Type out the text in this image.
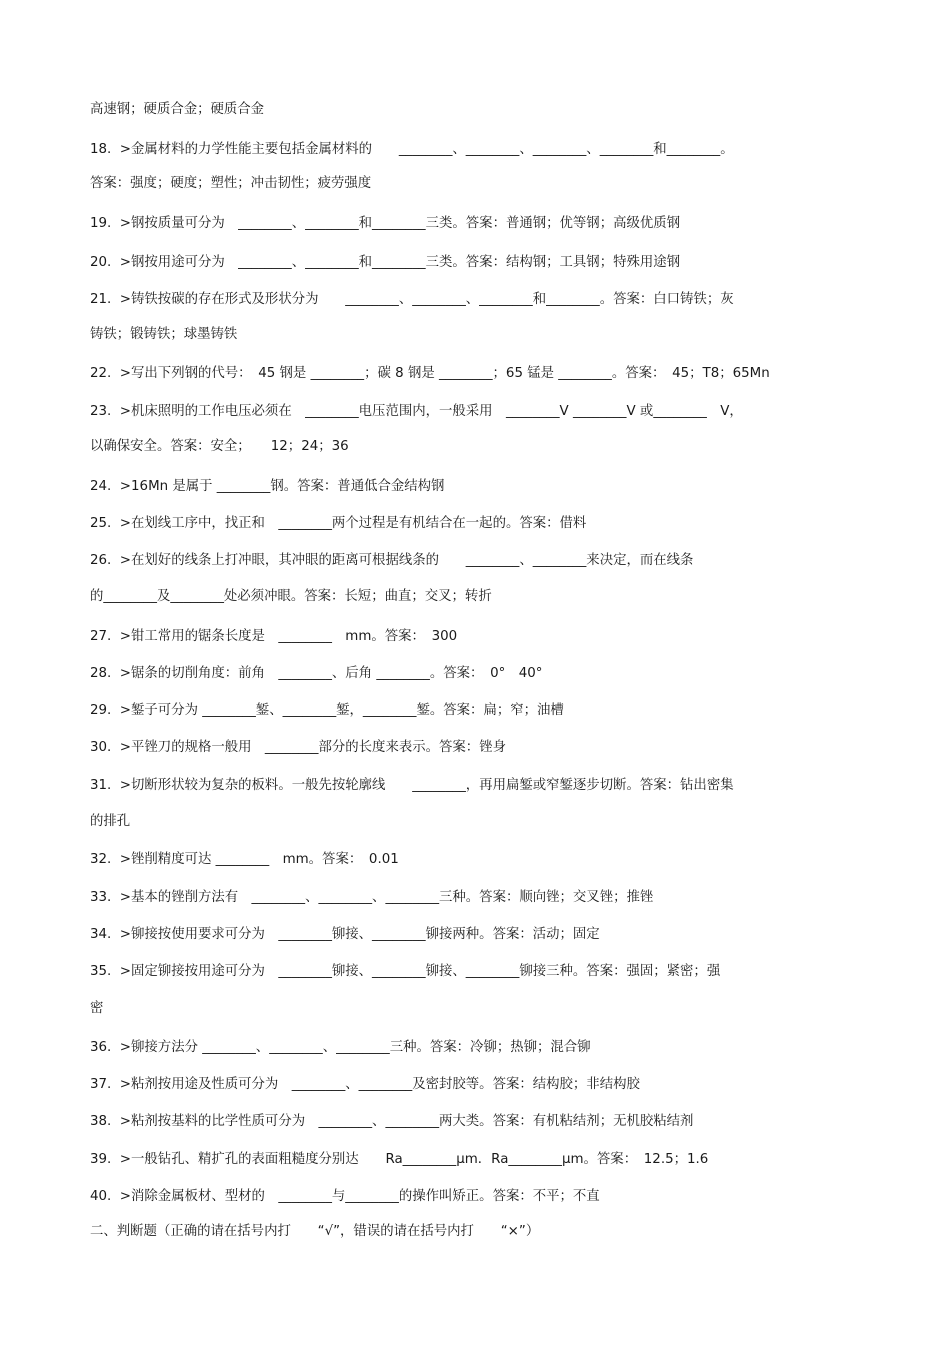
高速钢；硬质合金；硬质合金
18.  >金属材料的力学性能主要包括金属材料的　　________、________、________、________和________。
答案：强度；硬度；塑性；冲击韧性；疲劳强度
19.  >钢按质量可分为　________、________和________三类。答案：普通钢；优等钢；高级优质钢
20.  >钢按用途可分为　________、________和________三类。答案：结构钢；工具钢；特殊用途钢
21.  >铸铁按碳的存在形式及形状分为　　________、________、________和________。答案：白口铸铁；灰
铸铁；锻铸铁；球墨铸铁
22.  >写出下列钢的代号：　45 钢是 ________；碳 8 钢是 ________；65 锰是 ________。答案：　45；T8；65Mn
23.  >机床照明的工作电压必须在　________电压范围内，一般采用　________V ________V 或________　V，
以确保安全。答案：安全；　　12；24；36
24.  >16Mn 是属于 ________钢。答案：普通低合金结构钢
25.  >在划线工序中，找正和　________两个过程是有机结合在一起的。答案：借料
26.  >在划好的线条上打冲眼，其冲眼的距离可根据线条的　　________、________来决定，而在线条
的________及________处必须冲眼。答案：长短；曲直；交叉；转折
27.  >钳工常用的锯条长度是　________　mm。答案：　300
28.  >锯条的切削角度：前角　________、后角 ________。答案：　0°　40°
29.  >錾子可分为 ________錾、________錾，________錾。答案：扁；窄；油槽
30.  >平锉刀的规格一般用　________部分的长度来表示。答案：锉身
31.  >切断形状较为复杂的板料。一般先按轮廓线　　________，再用扁錾或窄錾逐步切断。答案：钻出密集
的排孔
32.  >锉削精度可达 ________　mm。答案：　0.01
33.  >基本的锉削方法有　________、________、________三种。答案：顺向锉；交叉锉；推锉
34.  >铆接按使用要求可分为　________铆接、________铆接两种。答案：活动；固定
35.  >固定铆接按用途可分为　________铆接、________铆接、________铆接三种。答案：强固；紧密；强
密
36.  >铆接方法分 ________、________、________三种。答案：冷铆；热铆；混合铆
37.  >粘剂按用途及性质可分为　________、________及密封胶等。答案：结构胶；非结构胶
38.  >粘剂按基料的比学性质可分为　________、________两大类。答案：有机粘结剂；无机胶粘结剂
39.  >一般钻孔、精扩孔的表面粗糙度分别达　　Ra________μm．Ra________μm。答案：　12.5；1.6
40.  >消除金属板材、型材的　________与________的操作叫矫正。答案：不平；不直
二、判断题（正确的请在括号内打　　“√”，错误的请在括号内打　　“×”）
